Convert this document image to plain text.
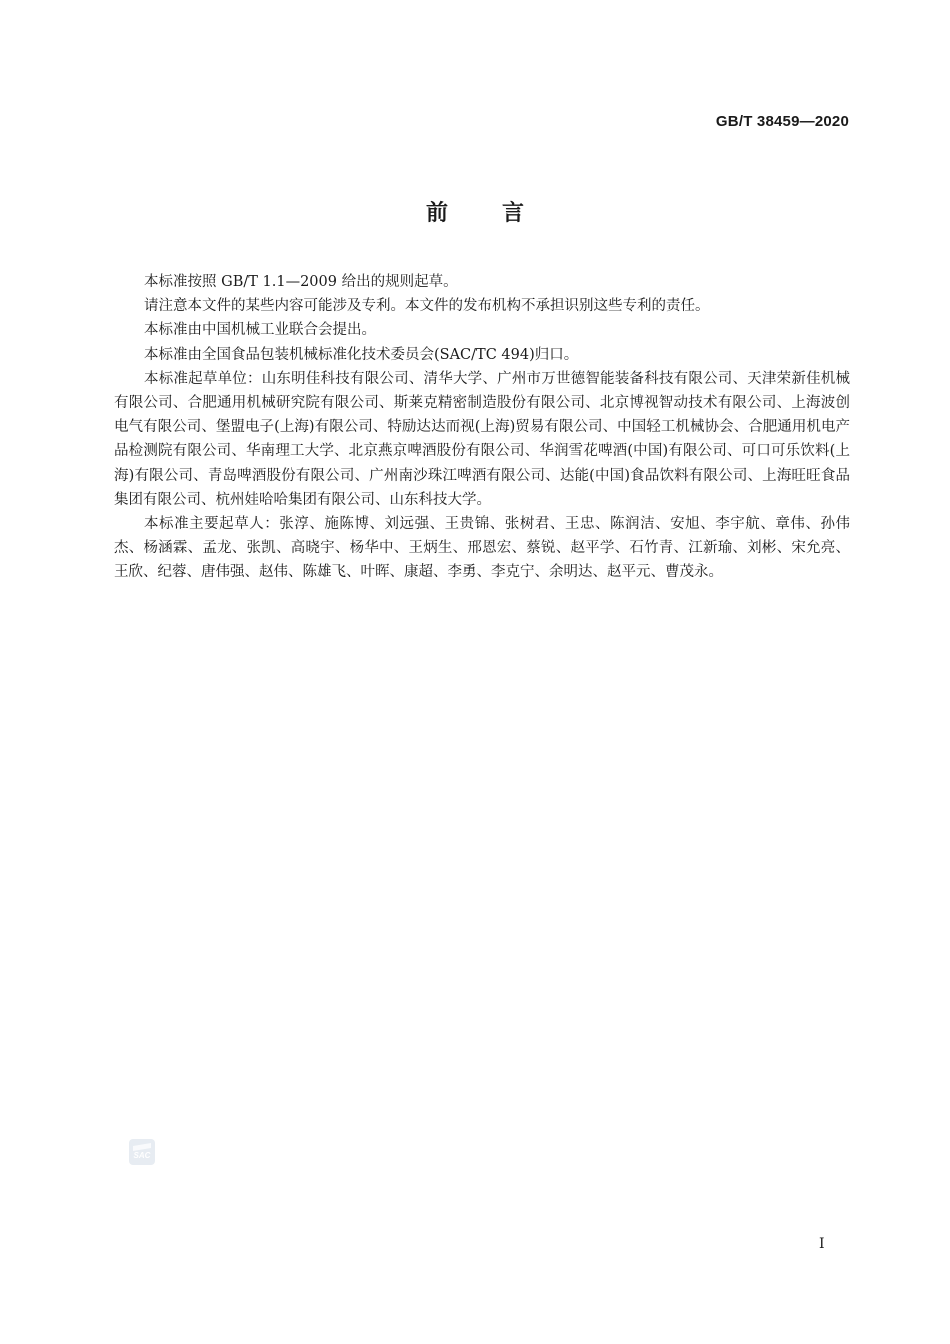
GB/T 38459—2020
前言

本标准按照 GB/T 1.1—2009 给出的规则起草。

请注意本文件的某些内容可能涉及专利。本文件的发布机构不承担识别这些专利的责任。

本标准由中国机械工业联合会提出。

本标准由全国食品包装机械标准化技术委员会(SAC/TC 494)归口。

本标准起草单位：山东明佳科技有限公司、清华大学、广州市万世德智能装备科技有限公司、天津荣新佳机械有限公司、合肥通用机械研究院有限公司、斯莱克精密制造股份有限公司、北京博视智动技术有限公司、上海波创电气有限公司、堡盟电子(上海)有限公司、特励达达而视(上海)贸易有限公司、中国轻工机械协会、合肥通用机电产品检测院有限公司、华南理工大学、北京燕京啤酒股份有限公司、华润雪花啤酒(中国)有限公司、可口可乐饮料(上海)有限公司、青岛啤酒股份有限公司、广州南沙珠江啤酒有限公司、达能(中国)食品饮料有限公司、上海旺旺食品集团有限公司、杭州娃哈哈集团有限公司、山东科技大学。

本标准主要起草人：张淳、施陈博、刘远强、王贵锦、张树君、王忠、陈润洁、安旭、李宇航、章伟、孙伟杰、杨涵霖、孟龙、张凯、高晓宇、杨华中、王炳生、邢恩宏、蔡锐、赵平学、石竹青、江新瑜、刘彬、宋允亮、王欣、纪蓉、唐伟强、赵伟、陈雄飞、叶晖、康超、李勇、李克宁、余明达、赵平元、曹茂永。

SAC
I
